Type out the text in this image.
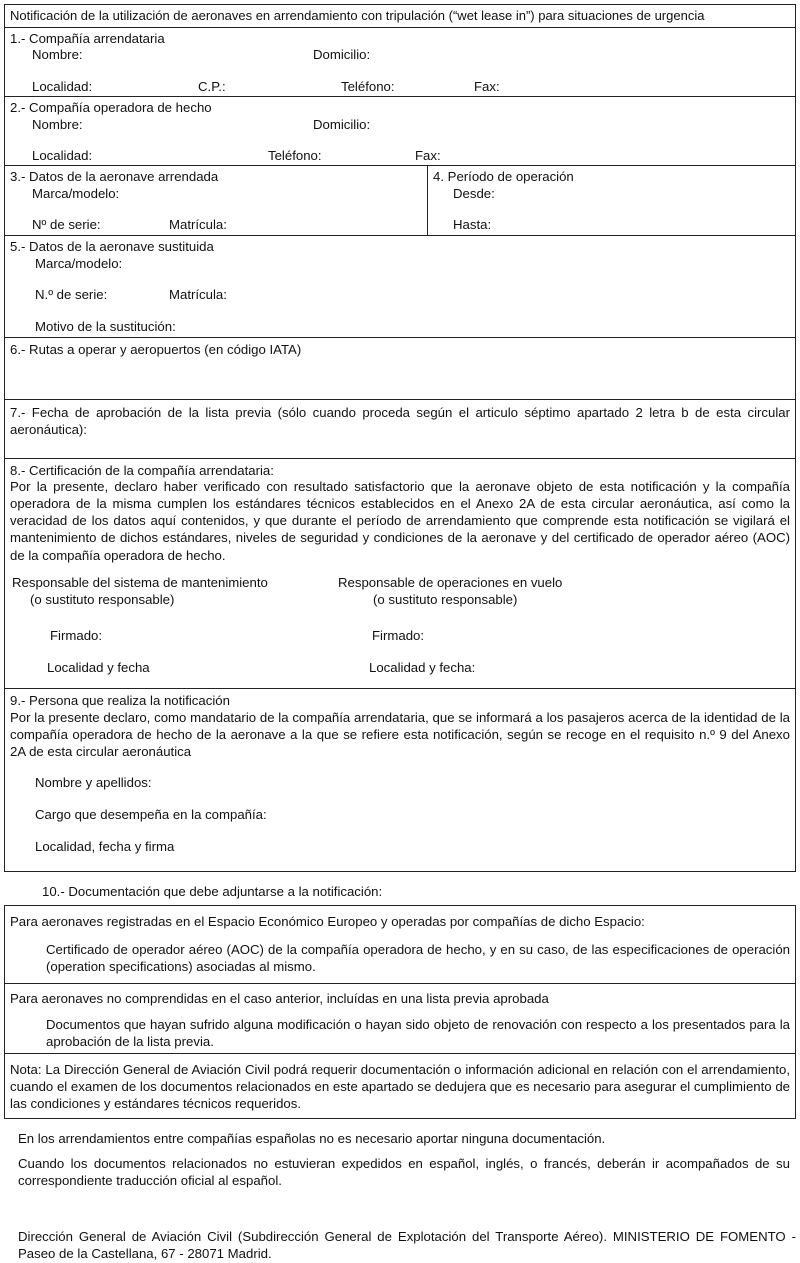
Notificación de la utilización de aeronaves en arrendamiento con tripulación (“wet lease in”) para situaciones de urgencia
1.- Compañía arrendataria
Nombre:	Domicilio:
Localidad:	C.P.:	Teléfono:	Fax:
2.- Compañía operadora de hecho
Nombre:	Domicilio:
Localidad:	Teléfono:	Fax:
3.- Datos de la aeronave arrendada
Marca/modelo:
Nº de serie:	Matrícula:
4. Período de operación
Desde:
Hasta:
5.- Datos de la aeronave sustituida
Marca/modelo:
N.º de serie:	Matrícula:
Motivo de la sustitución:
6.- Rutas a operar y aeropuertos (en código IATA)
7.- Fecha de aprobación de la lista previa (sólo cuando proceda según el articulo séptimo apartado 2 letra b de esta circular aeronáutica):
8.- Certificación de la compañía arrendataria:
Por la presente, declaro haber verificado con resultado satisfactorio que la aeronave objeto de esta notificación y la compañía operadora de la misma cumplen los estándares técnicos establecidos en el Anexo 2A de esta circular aeronáutica, así como la veracidad de los datos aquí contenidos, y que durante el período de arrendamiento que comprende esta notificación se vigilará el mantenimiento de dichos estándares, niveles de seguridad y condiciones de la aeronave y del certificado de operador aéreo (AOC) de la compañía operadora de hecho.
Responsable del sistema de mantenimiento
(o sustituto responsable)
Responsable de operaciones en vuelo
(o sustituto responsable)
Firmado:	Firmado:
Localidad y fecha	Localidad y fecha:
9.- Persona que realiza la notificación
Por la presente declaro, como mandatario de la compañía arrendataria, que se informará a los pasajeros acerca de la identidad de la compañía operadora de hecho de la aeronave a la que se refiere esta notificación, según se recoge en el requisito n.º 9 del Anexo 2A de esta circular aeronáutica
Nombre y apellidos:
Cargo que desempeña en la compañía:
Localidad, fecha y firma
10.- Documentación que debe adjuntarse a la notificación:
Para aeronaves registradas en el Espacio Económico Europeo y operadas por compañías de dicho Espacio:
Certificado de operador aéreo (AOC) de la compañía operadora de hecho, y en su caso, de las especificaciones de operación (operation specifications) asociadas al mismo.
Para aeronaves no comprendidas en el caso anterior, incluídas en una lista previa aprobada
Documentos que hayan sufrido alguna modificación o hayan sido objeto de renovación con respecto a los presentados para la aprobación de la lista previa.
Nota: La Dirección General de Aviación Civil podrá requerir documentación o información adicional en relación con el arrendamiento, cuando el examen de los documentos relacionados en este apartado se dedujera que es necesario para asegurar el cumplimiento de las condiciones y estándares técnicos requeridos.
En los arrendamientos entre compañías españolas no es necesario aportar ninguna documentación.
Cuando los documentos relacionados no estuvieran expedidos en español, inglés, o francés, deberán ir acompañados de su correspondiente traducción oficial al español.
Dirección General de Aviación Civil (Subdirección General de Explotación del Transporte Aéreo). MINISTERIO DE FOMENTO - Paseo de la Castellana, 67 - 28071 Madrid.
